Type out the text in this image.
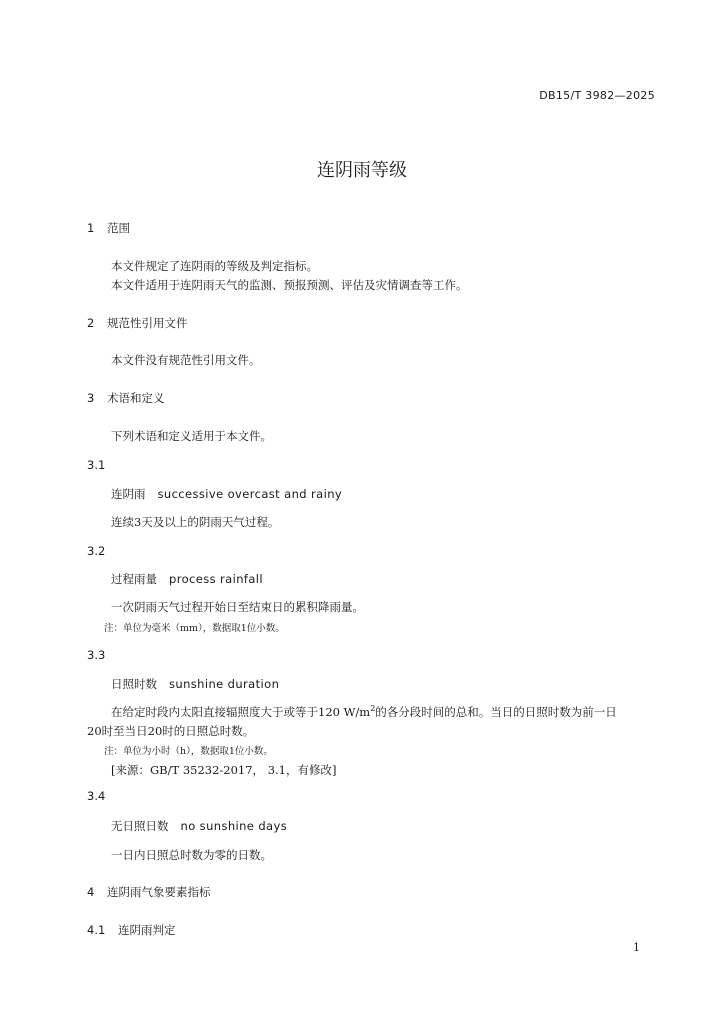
DB15/T 3982—2025
连阴雨等级
1 范围
本文件规定了连阴雨的等级及判定指标。
本文件适用于连阴雨天气的监测、预报预测、评估及灾情调查等工作。
2 规范性引用文件
本文件没有规范性引用文件。
3 术语和定义
下列术语和定义适用于本文件。
3.1
连阴雨 successive overcast and rainy
连续3天及以上的阴雨天气过程。
3.2
过程雨量 process rainfall
一次阴雨天气过程开始日至结束日的累积降雨量。
注：单位为毫米（mm），数据取1位小数。
3.3
日照时数 sunshine duration
在给定时段内太阳直接辐照度大于或等于120 $W/m^2$的各分段时间的总和。当日的日照时数为前一日
20时至当日20时的日照总时数。
注：单位为小时（h），数据取1位小数。
[来源：GB/T 35232-2017， 3.1，有修改]
3.4
无日照日数 no sunshine days
一日内日照总时数为零的日数。
4 连阴雨气象要素指标
4.1 连阴雨判定
1
